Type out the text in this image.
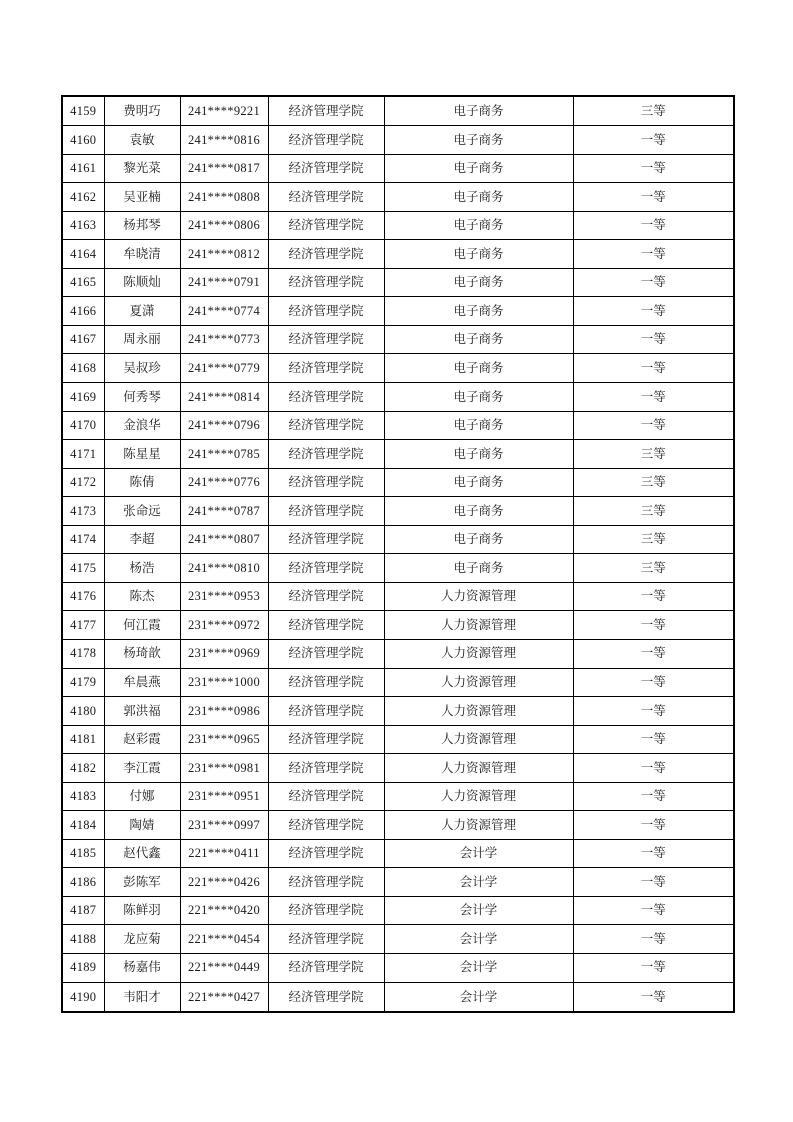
4159	费明巧	241****9221	经济管理学院	电子商务	三等
4160	袁敏	241****0816	经济管理学院	电子商务	一等
4161	黎光菜	241****0817	经济管理学院	电子商务	一等
4162	吴亚楠	241****0808	经济管理学院	电子商务	一等
4163	杨邦琴	241****0806	经济管理学院	电子商务	一等
4164	牟晓清	241****0812	经济管理学院	电子商务	一等
4165	陈顺灿	241****0791	经济管理学院	电子商务	一等
4166	夏潇	241****0774	经济管理学院	电子商务	一等
4167	周永丽	241****0773	经济管理学院	电子商务	一等
4168	吴叔珍	241****0779	经济管理学院	电子商务	一等
4169	何秀琴	241****0814	经济管理学院	电子商务	一等
4170	金浪华	241****0796	经济管理学院	电子商务	一等
4171	陈星星	241****0785	经济管理学院	电子商务	三等
4172	陈倩	241****0776	经济管理学院	电子商务	三等
4173	张命远	241****0787	经济管理学院	电子商务	三等
4174	李超	241****0807	经济管理学院	电子商务	三等
4175	杨浩	241****0810	经济管理学院	电子商务	三等
4176	陈杰	231****0953	经济管理学院	人力资源管理	一等
4177	何江霞	231****0972	经济管理学院	人力资源管理	一等
4178	杨琦歆	231****0969	经济管理学院	人力资源管理	一等
4179	牟晨燕	231****1000	经济管理学院	人力资源管理	一等
4180	郭洪福	231****0986	经济管理学院	人力资源管理	一等
4181	赵彩霞	231****0965	经济管理学院	人力资源管理	一等
4182	李江霞	231****0981	经济管理学院	人力资源管理	一等
4183	付娜	231****0951	经济管理学院	人力资源管理	一等
4184	陶婧	231****0997	经济管理学院	人力资源管理	一等
4185	赵代鑫	221****0411	经济管理学院	会计学	一等
4186	彭陈军	221****0426	经济管理学院	会计学	一等
4187	陈鲜羽	221****0420	经济管理学院	会计学	一等
4188	龙应菊	221****0454	经济管理学院	会计学	一等
4189	杨嘉伟	221****0449	经济管理学院	会计学	一等
4190	韦阳才	221****0427	经济管理学院	会计学	一等
